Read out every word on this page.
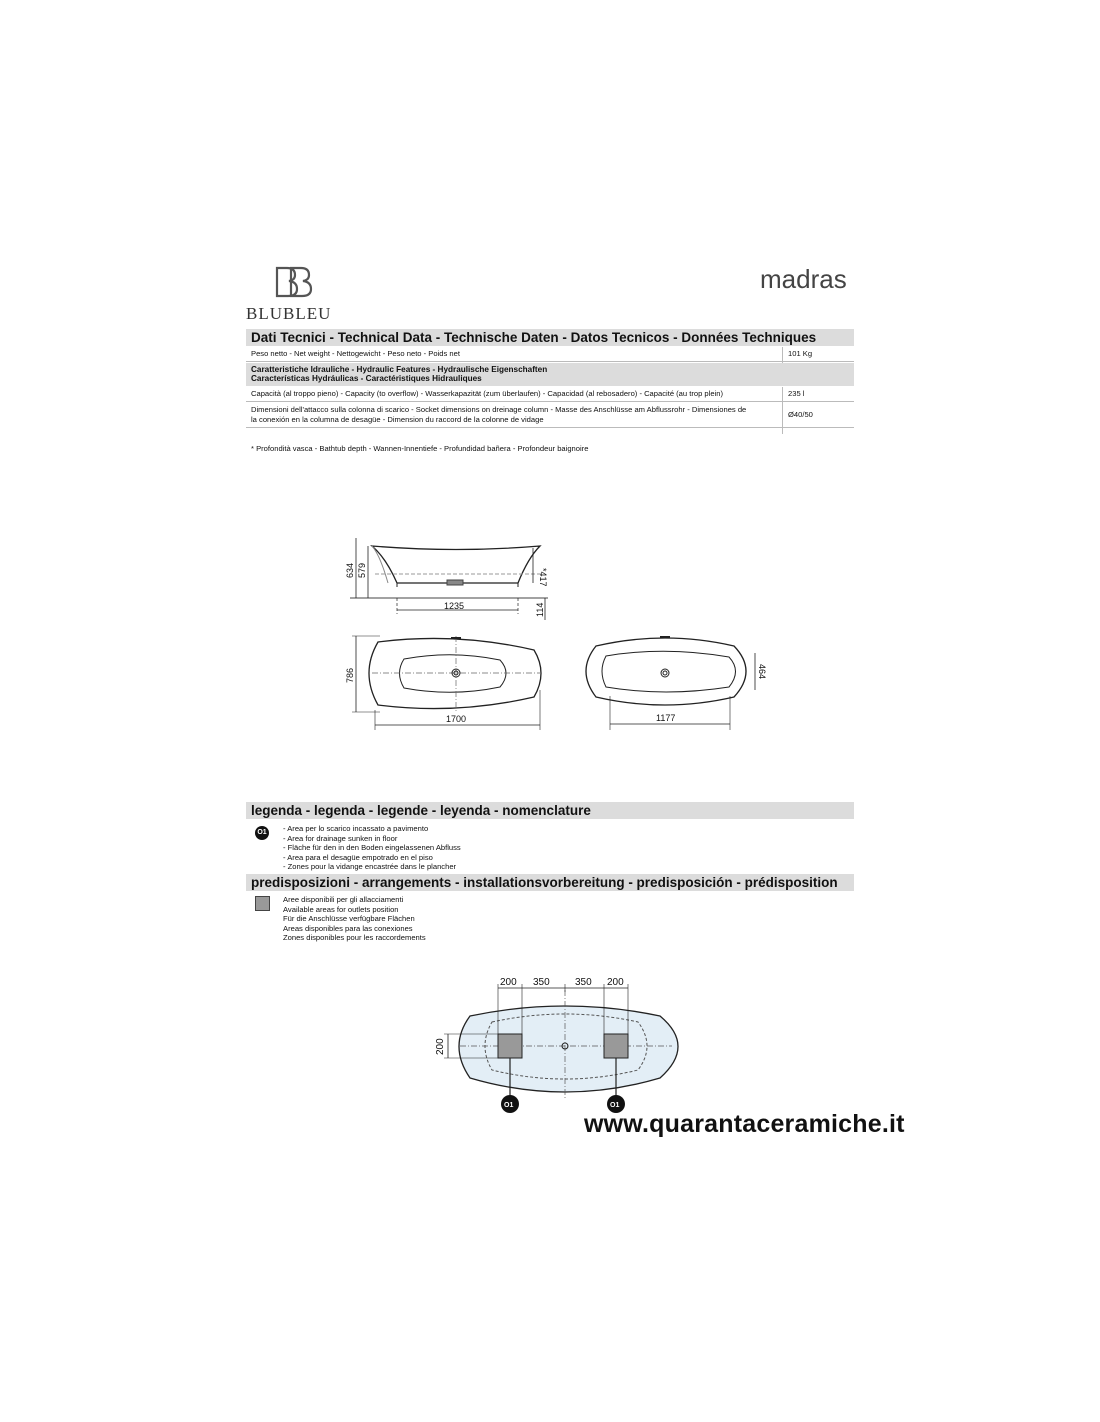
BLUBLEU
madras
Dati Tecnici - Technical Data - Technische Daten - Datos Tecnicos - Données Techniques
Peso netto - Net weight - Nettogewicht - Peso neto - Poids net	101 Kg
Caratteristiche Idrauliche - Hydraulic Features - Hydraulische Eigenschaften
Características Hydráulicas - Caractéristiques Hidrauliques
Capacità (al troppo pieno) - Capacity (to overflow) - Wasserkapazität (zum überlaufen) - Capacidad (al rebosadero) - Capacité (au trop plein)	235 l
Dimensioni dell'attacco sulla colonna di scarico - Socket dimensions on dreinage column - Masse des Anschlüsse am Abflussrohr - Dimensiones de
la conexión en la columna de desagüe - Dimension du raccord de la colonne de vidage	Ø40/50
* Profondità vasca - Bathtub depth - Wannen-Innentiefe - Profundidad bañera - Profondeur baignoire
634 579	*417
1235	114
786
1700
464
1177
legenda - legenda - legende - leyenda - nomenclature
O1	- Area per lo scarico incassato a pavimento
- Area for drainage sunken in floor
- Fläche für den in den Boden eingelassenen Abfluss
- Area para el desagüe empotrado en el piso
- Zones pour la vidange encastrée dans le plancher
predisposizioni - arrangements - installationsvorbereitung - predisposición - prédisposition
Aree disponibili per gli allacciamenti
Available areas for outlets position
Für die Anschlüsse verfügbare Flächen
Areas disponibles para las conexiones
Zones disponibles pour les raccordements
200 350	350 200
200
O1	O1
www.quarantaceramiche.it
